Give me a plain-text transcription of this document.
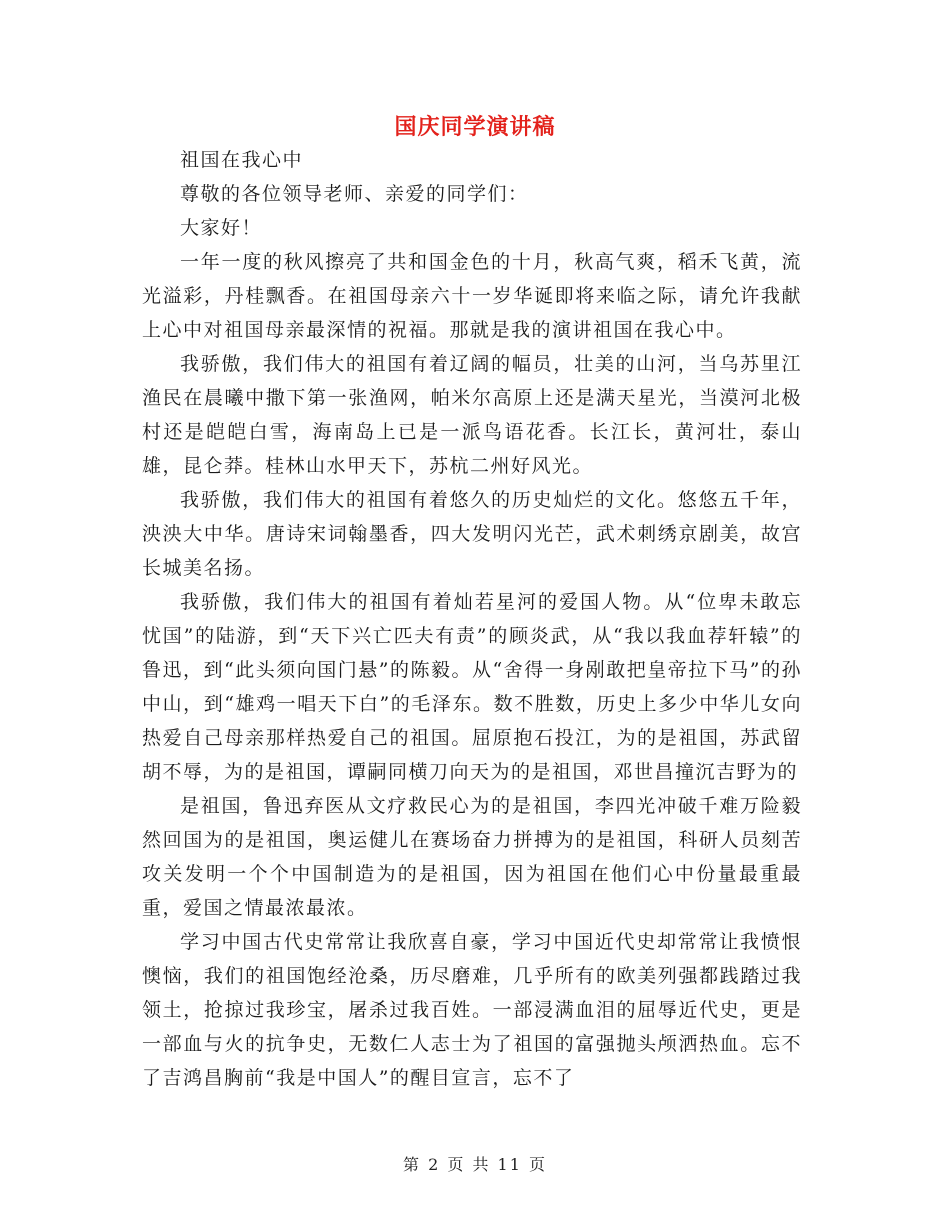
国庆同学演讲稿

祖国在我心中

尊敬的各位领导老师、亲爱的同学们：

大家好！

一年一度的秋风擦亮了共和国金色的十月，秋高气爽，稻禾飞黄，流光溢彩，丹桂飘香。在祖国母亲六十一岁华诞即将来临之际，请允许我献上心中对祖国母亲最深情的祝福。那就是我的演讲祖国在我心中。

我骄傲，我们伟大的祖国有着辽阔的幅员，壮美的山河，当乌苏里江渔民在晨曦中撒下第一张渔网，帕米尔高原上还是满天星光，当漠河北极村还是皑皑白雪，海南岛上已是一派鸟语花香。长江长，黄河壮，泰山雄，昆仑莽。桂林山水甲天下，苏杭二州好风光。

我骄傲，我们伟大的祖国有着悠久的历史灿烂的文化。悠悠五千年，泱泱大中华。唐诗宋词翰墨香，四大发明闪光芒，武术刺绣京剧美，故宫长城美名扬。

我骄傲，我们伟大的祖国有着灿若星河的爱国人物。从“位卑未敢忘忧国”的陆游，到“天下兴亡匹夫有责”的顾炎武，从“我以我血荐轩辕”的鲁迅，到“此头须向国门悬”的陈毅。从“舍得一身剐敢把皇帝拉下马”的孙中山，到“雄鸡一唱天下白”的毛泽东。数不胜数，历史上多少中华儿女向热爱自己母亲那样热爱自己的祖国。屈原抱石投江，为的是祖国，苏武留胡不辱，为的是祖国，谭嗣同横刀向天为的是祖国，邓世昌撞沉吉野为的

是祖国，鲁迅弃医从文疗救民心为的是祖国，李四光冲破千难万险毅然回国为的是祖国，奥运健儿在赛场奋力拼搏为的是祖国，科研人员刻苦攻关发明一个个中国制造为的是祖国，因为祖国在他们心中份量最重最重，爱国之情最浓最浓。

学习中国古代史常常让我欣喜自豪，学习中国近代史却常常让我愤恨懊恼，我们的祖国饱经沧桑，历尽磨难，几乎所有的欧美列强都践踏过我领土，抢掠过我珍宝，屠杀过我百姓。一部浸满血泪的屈辱近代史，更是一部血与火的抗争史，无数仁人志士为了祖国的富强抛头颅洒热血。忘不了吉鸿昌胸前“我是中国人”的醒目宣言，忘不了

第 2 页 共 11 页
